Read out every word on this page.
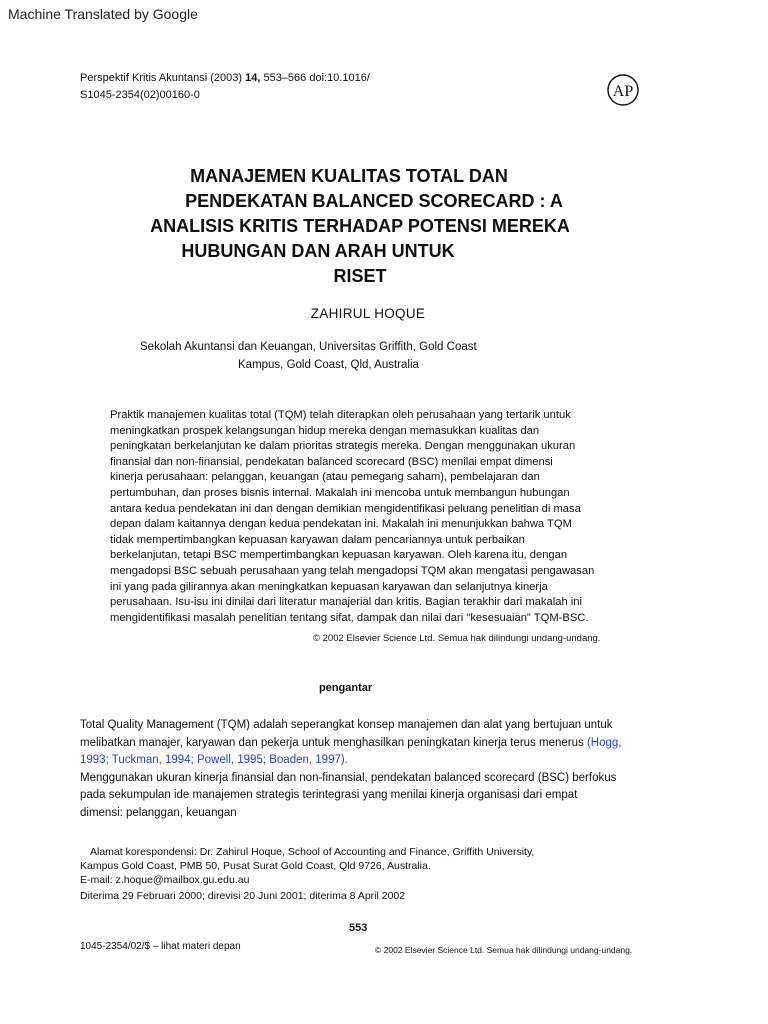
Machine Translated by Google
Perspektif Kritis Akuntansi (2003) 14, 553–566 doi:10.1016/
S1045-2354(02)00160-0	AP
MANAJEMEN KUALITAS TOTAL DAN
PENDEKATAN BALANCED SCORECARD : A
ANALISIS KRITIS TERHADAP POTENSI MEREKA
HUBUNGAN DAN ARAH UNTUK
RISET
ZAHIRUL HOQUE
Sekolah Akuntansi dan Keuangan, Universitas Griffith, Gold Coast
Kampus, Gold Coast, Qld, Australia
Praktik manajemen kualitas total (TQM) telah diterapkan oleh perusahaan yang tertarik untuk
meningkatkan prospek kelangsungan hidup mereka dengan memasukkan kualitas dan
peningkatan berkelanjutan ke dalam prioritas strategis mereka. Dengan menggunakan ukuran
finansial dan non-finansial, pendekatan balanced scorecard (BSC) menilai empat dimensi
kinerja perusahaan: pelanggan, keuangan (atau pemegang saham), pembelajaran dan
pertumbuhan, dan proses bisnis internal. Makalah ini mencoba untuk membangun hubungan
antara kedua pendekatan ini dan dengan demikian mengidentifikasi peluang penelitian di masa
depan dalam kaitannya dengan kedua pendekatan ini. Makalah ini menunjukkan bahwa TQM
tidak mempertimbangkan kepuasan karyawan dalam pencariannya untuk perbaikan
berkelanjutan, tetapi BSC mempertimbangkan kepuasan karyawan. Oleh karena itu, dengan
mengadopsi BSC sebuah perusahaan yang telah mengadopsi TQM akan mengatasi pengawasan
ini yang pada gilirannya akan meningkatkan kepuasan karyawan dan selanjutnya kinerja
perusahaan. Isu-isu ini dinilai dari literatur manajerial dan kritis. Bagian terakhir dari makalah ini
mengidentifikasi masalah penelitian tentang sifat, dampak dan nilai dari "kesesuaian" TQM-BSC.
© 2002 Elsevier Science Ltd. Semua hak dilindungi undang-undang.
pengantar
Total Quality Management (TQM) adalah seperangkat konsep manajemen dan alat yang bertujuan untuk
melibatkan manajer, karyawan dan pekerja untuk menghasilkan peningkatan kinerja terus menerus (Hogg,
1993; Tuckman, 1994; Powell, 1995; Boaden, 1997).
Menggunakan ukuran kinerja finansial dan non-finansial, pendekatan balanced scorecard (BSC) berfokus
pada sekumpulan ide manajemen strategis terintegrasi yang menilai kinerja organisasi dari empat
dimensi: pelanggan, keuangan
Alamat korespondensi: Dr. Zahirul Hoque, School of Accounting and Finance, Griffith University,
Kampus Gold Coast, PMB 50, Pusat Surat Gold Coast, Qld 9726, Australia.
E-mail: z.hoque@mailbox.gu.edu.au
Diterima 29 Februari 2000; direvisi 20 Juni 2001; diterima 8 April 2002
553
1045-2354/02/$ – lihat materi depan	© 2002 Elsevier Science Ltd. Semua hak dilindungi undang-undang.
